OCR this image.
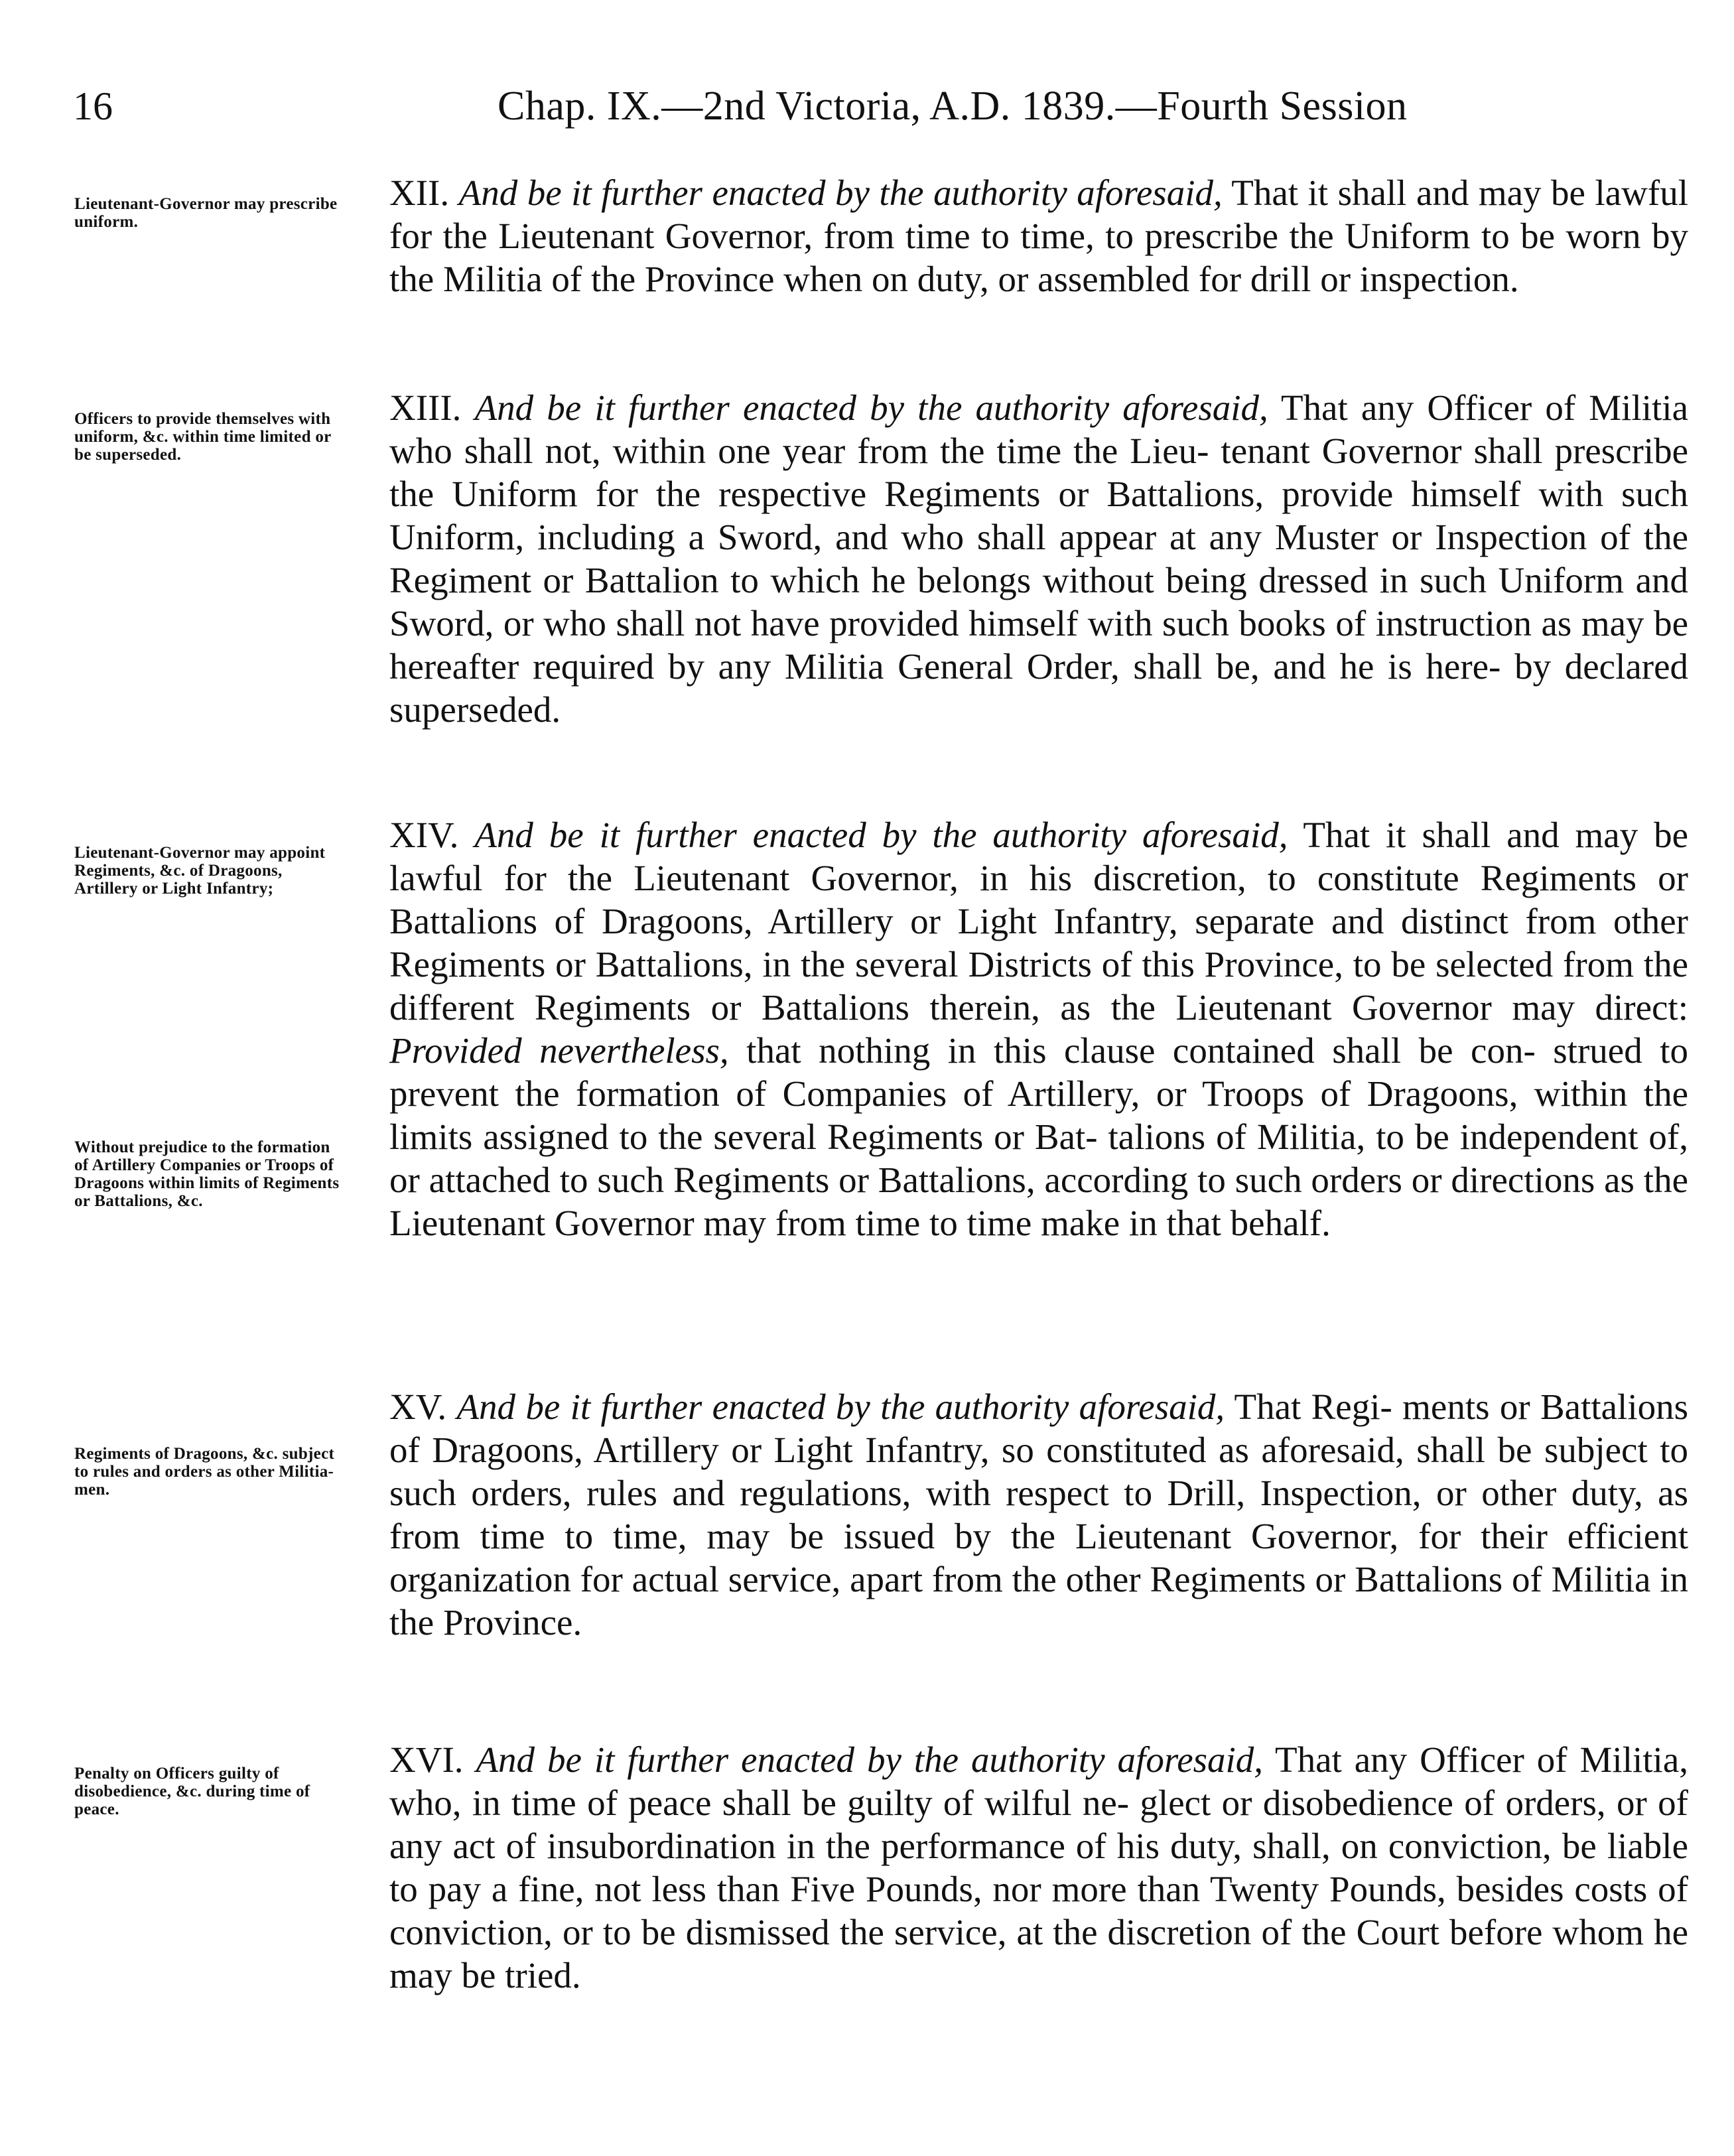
16	Chap. IX.—2nd Victoria, A.D. 1839.—Fourth Session
Lieutenant-Governor may prescribe uniform.
XII. And be it further enacted by the authority aforesaid, That it shall and may be lawful for the Lieutenant Governor, from time to time, to prescribe the Uniform to be worn by the Militia of the Province when on duty, or assembled for drill or inspection.
Officers to provide themselves with uniform, &c. within time limited or be superseded.
XIII. And be it further enacted by the authority aforesaid, That any Officer of Militia who shall not, within one year from the time the Lieu- tenant Governor shall prescribe the Uniform for the respective Regiments or Battalions, provide himself with such Uniform, including a Sword, and who shall appear at any Muster or Inspection of the Regiment or Battalion to which he belongs without being dressed in such Uniform and Sword, or who shall not have provided himself with such books of instruction as may be hereafter required by any Militia General Order, shall be, and he is here- by declared superseded.
Lieutenant-Governor may appoint Regiments, &c. of Dragoons, Artillery or Light Infantry;
Without prejudice to the formation of Artillery Companies or Troops of Dragoons within limits of Regiments or Battalions, &c.
XIV. And be it further enacted by the authority aforesaid, That it shall and may be lawful for the Lieutenant Governor, in his discretion, to constitute Regiments or Battalions of Dragoons, Artillery or Light Infantry, separate and distinct from other Regiments or Battalions, in the several Districts of this Province, to be selected from the different Regiments or Battalions therein, as the Lieutenant Governor may direct: Provided nevertheless, that nothing in this clause contained shall be con- strued to prevent the formation of Companies of Artillery, or Troops of Dragoons, within the limits assigned to the several Regiments or Bat- talions of Militia, to be independent of, or attached to such Regiments or Battalions, according to such orders or directions as the Lieutenant Governor may from time to time make in that behalf.
Regiments of Dragoons, &c. subject to rules and orders as other Militia- men.
XV. And be it further enacted by the authority aforesaid, That Regi- ments or Battalions of Dragoons, Artillery or Light Infantry, so constituted as aforesaid, shall be subject to such orders, rules and regulations, with respect to Drill, Inspection, or other duty, as from time to time, may be issued by the Lieutenant Governor, for their efficient organization for actual service, apart from the other Regiments or Battalions of Militia in the Province.
Penalty on Officers guilty of disobedience, &c. during time of peace.
XVI. And be it further enacted by the authority aforesaid, That any Officer of Militia, who, in time of peace shall be guilty of wilful ne- glect or disobedience of orders, or of any act of insubordination in the performance of his duty, shall, on conviction, be liable to pay a fine, not less than Five Pounds, nor more than Twenty Pounds, besides costs of conviction, or to be dismissed the service, at the discretion of the Court before whom he may be tried.
